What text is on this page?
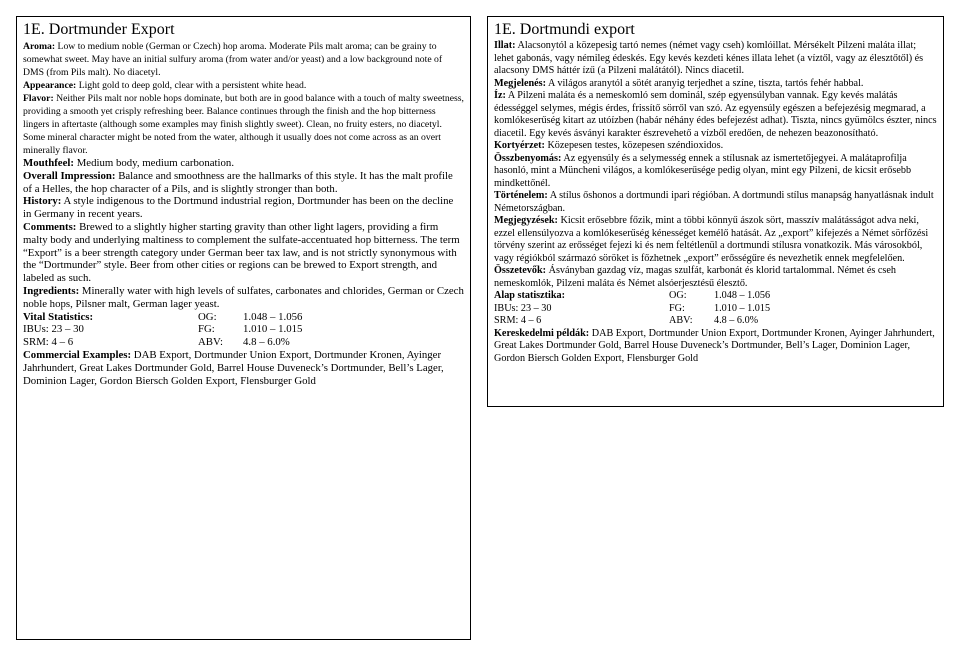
1E. Dortmunder Export

Aroma: Low to medium noble (German or Czech) hop aroma. Moderate Pils malt aroma; can be grainy to somewhat sweet. May have an initial sulfury aroma (from water and/or yeast) and a low background note of DMS (from Pils malt). No diacetyl.

Appearance: Light gold to deep gold, clear with a persistent white head.

Flavor: Neither Pils malt nor noble hops dominate, but both are in good balance with a touch of malty sweetness, providing a smooth yet crisply refreshing beer. Balance continues through the finish and the hop bitterness lingers in aftertaste (although some examples may finish slightly sweet). Clean, no fruity esters, no diacetyl. Some mineral character might be noted from the water, although it usually does not come across as an overt minerally flavor.

Mouthfeel: Medium body, medium carbonation.

Overall Impression: Balance and smoothness are the hallmarks of this style. It has the malt profile of a Helles, the hop character of a Pils, and is slightly stronger than both.

History: A style indigenous to the Dortmund industrial region, Dortmunder has been on the decline in Germany in recent years.

Comments: Brewed to a slightly higher starting gravity than other light lagers, providing a firm malty body and underlying maltiness to complement the sulfate-accentuated hop bitterness. The term “Export” is a beer strength category under German beer tax law, and is not strictly synonymous with the “Dortmunder” style. Beer from other cities or regions can be brewed to Export strength, and labeled as such.

Ingredients: Minerally water with high levels of sulfates, carbonates and chlorides, German or Czech noble hops, Pilsner malt, German lager yeast.

Vital Statistics:	OG:	1.048 – 1.056
IBUs: 23 – 30	FG:	1.010 – 1.015
SRM: 4 – 6	ABV:	4.8 – 6.0%

Commercial Examples: DAB Export, Dortmunder Union Export, Dortmunder Kronen, Ayinger Jahrhundert, Great Lakes Dortmunder Gold, Barrel House Duveneck’s Dortmunder, Bell’s Lager, Dominion Lager, Gordon Biersch Golden Export, Flensburger Gold

1E. Dortmundi export

Illat: Alacsonytól a közepesig tartó nemes (német vagy cseh) komlóillat. Mérsékelt Pilzeni maláta illat; lehet gabonás, vagy némileg édeskés. Egy kevés kezdeti kénes illata lehet (a víztől, vagy az élesztőtől) és alacsony DMS háttér ízű (a Pilzeni malátától). Nincs diacetil.

Megjelenés: A világos aranytól a sötét aranyig terjedhet a színe, tiszta, tartós fehér habbal.

Íz: A Pilzeni maláta és a nemeskomló sem dominál, szép egyensúlyban vannak. Egy kevés malátás édességgel selymes, mégis érdes, frissítő sörről van szó. Az egyensúly egészen a befejezésig megmarad, a komlókeserűség kitart az utóízben (habár néhány édes befejezést adhat). Tiszta, nincs gyümölcs észter, nincs diacetil. Egy kevés ásványi karakter észrevehető a vízből eredően, de nehezen beazonosítható.

Kortyérzet: Közepesen testes, közepesen széndioxidos.

Összbenyomás: Az egyensúly és a selymesség ennek a stílusnak az ismertetőjegyei. A malátaprofilja hasonló, mint a Müncheni világos, a komlókeserűsége pedig olyan, mint egy Pilzeni, de kicsit erősebb mindkettőnél.

Történelem: A stílus őshonos a dortmundi ipari régióban. A dortmundi stílus manapság hanyatlásnak indult Németországban.

Megjegyzések: Kicsit erősebbre főzik, mint a többi könnyű ászok sört, masszív malátásságot adva neki, ezzel ellensúlyozva a komlókeserűség kénességet kemélő hatását. Az „export” kifejezés a Német sörfőzési törvény szerint az erősséget fejezi ki és nem feltétlenül a dortmundi stílusra vonatkozik. Más városokból, vagy régiókból származó söröket is főzhetnek „export” erősségűre és nevezhetik ennek megfelelően.

Összetevők: Ásványban gazdag víz, magas szulfát, karbonát és klorid tartalommal. Német és cseh nemeskomlók, Pilzeni maláta és Német alsóerjesztésű élesztő.

Alap statisztika:	OG:	1.048 – 1.056
IBUs: 23 – 30	FG:	1.010 – 1.015
SRM: 4 – 6	ABV:	4.8 – 6.0%

Kereskedelmi példák: DAB Export, Dortmunder Union Export, Dortmunder Kronen, Ayinger Jahrhundert, Great Lakes Dortmunder Gold, Barrel House Duveneck’s Dortmunder, Bell’s Lager, Dominion Lager, Gordon Biersch Golden Export, Flensburger Gold
